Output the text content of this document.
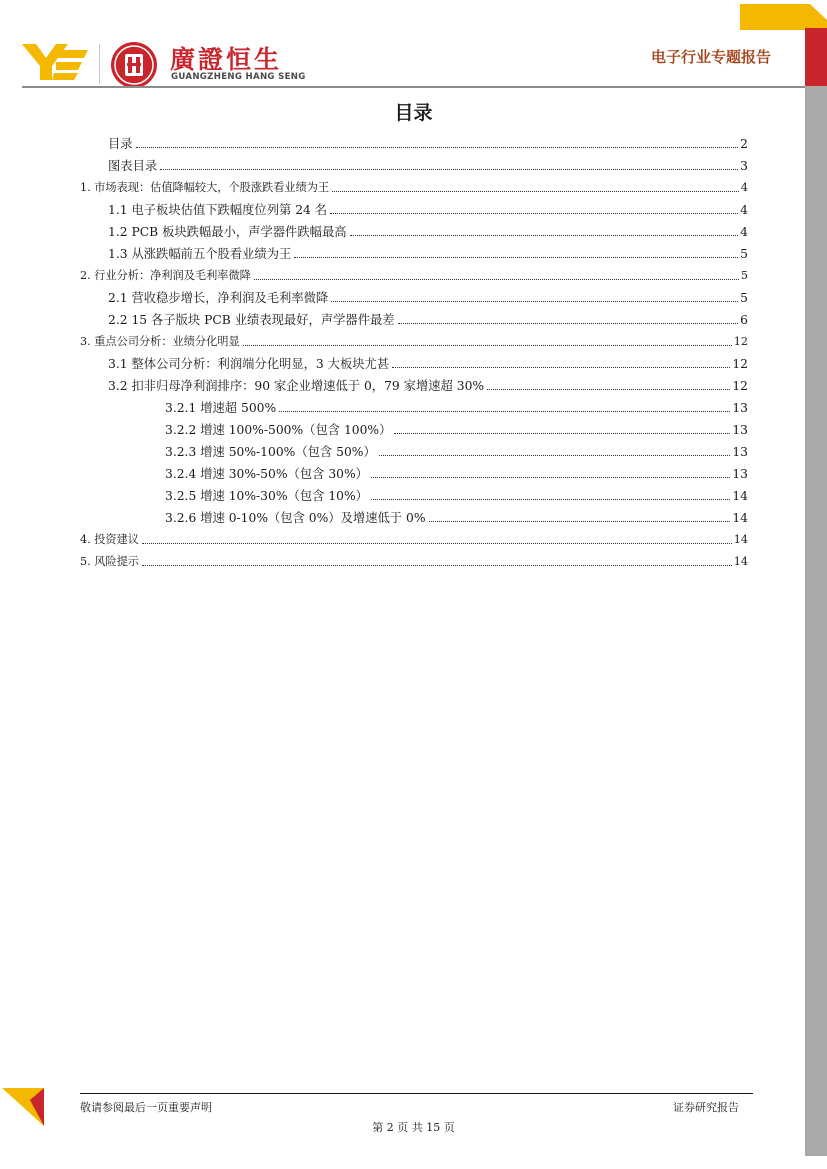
廣證恒生
GUANGZHENG HANG SENG
电子行业专题报告
目录
目录	2
图表目录	3
1. 市场表现：估值降幅较大，个股涨跌看业绩为王	4
1.1 电子板块估值下跌幅度位列第 24 名	4
1.2 PCB 板块跌幅最小，声学器件跌幅最高	4
1.3 从涨跌幅前五个股看业绩为王	5
2. 行业分析：净利润及毛利率微降	5
2.1 营收稳步增长，净利润及毛利率微降	5
2.2 15 各子版块 PCB 业绩表现最好，声学器件最差	6
3. 重点公司分析：业绩分化明显	12
3.1 整体公司分析：利润端分化明显，3 大板块尤甚	12
3.2 扣非归母净利润排序：90 家企业增速低于 0，79 家增速超 30%	12
3.2.1 增速超 500%	13
3.2.2 增速 100%-500%（包含 100%）	13
3.2.3 增速 50%-100%（包含 50%）	13
3.2.4 增速 30%-50%（包含 30%）	13
3.2.5 增速 10%-30%（包含 10%）	14
3.2.6 增速 0-10%（包含 0%）及增速低于 0%	14
4. 投资建议	14
5. 风险提示	14
敬请参阅最后一页重要声明	证券研究报告
第 2 页 共 15 页
